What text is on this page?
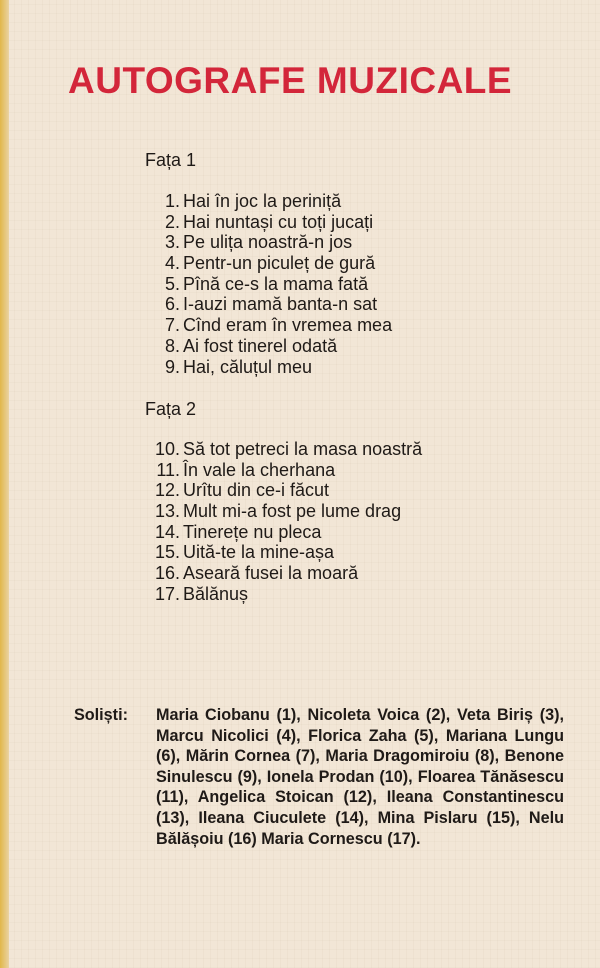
AUTOGRAFE MUZICALE
Fața 1
1. Hai în joc la periniță
2. Hai nuntași cu toți jucați
3. Pe ulița noastră-n jos
4. Pentr-un piculeț de gură
5. Pînă ce-s la mama fată
6. I-auzi mamă banta-n sat
7. Cînd eram în vremea mea
8. Ai fost tinerel odată
9. Hai, căluțul meu
Fața 2
10. Să tot petreci la masa noastră
11. În vale la cherhana
12. Urîtu din ce-i făcut
13. Mult mi-a fost pe lume drag
14. Tinerețe nu pleca
15. Uită-te la mine-așa
16. Aseară fusei la moară
17. Bălănuș
Soliști: Maria Ciobanu (1), Nicoleta Voica (2), Veta Biriș (3), Marcu Nicolici (4), Florica Zaha (5), Mariana Lungu (6), Mărin Cornea (7), Maria Dragomiroiu (8), Benone Sinulescu (9), Ionela Prodan (10), Floarea Tănăsescu (11), Angelica Stoican (12), Ileana Constantinescu (13), Ileana Ciuculete (14), Mina Pislaru (15), Nelu Bălășoiu (16) Maria Cornescu (17).
